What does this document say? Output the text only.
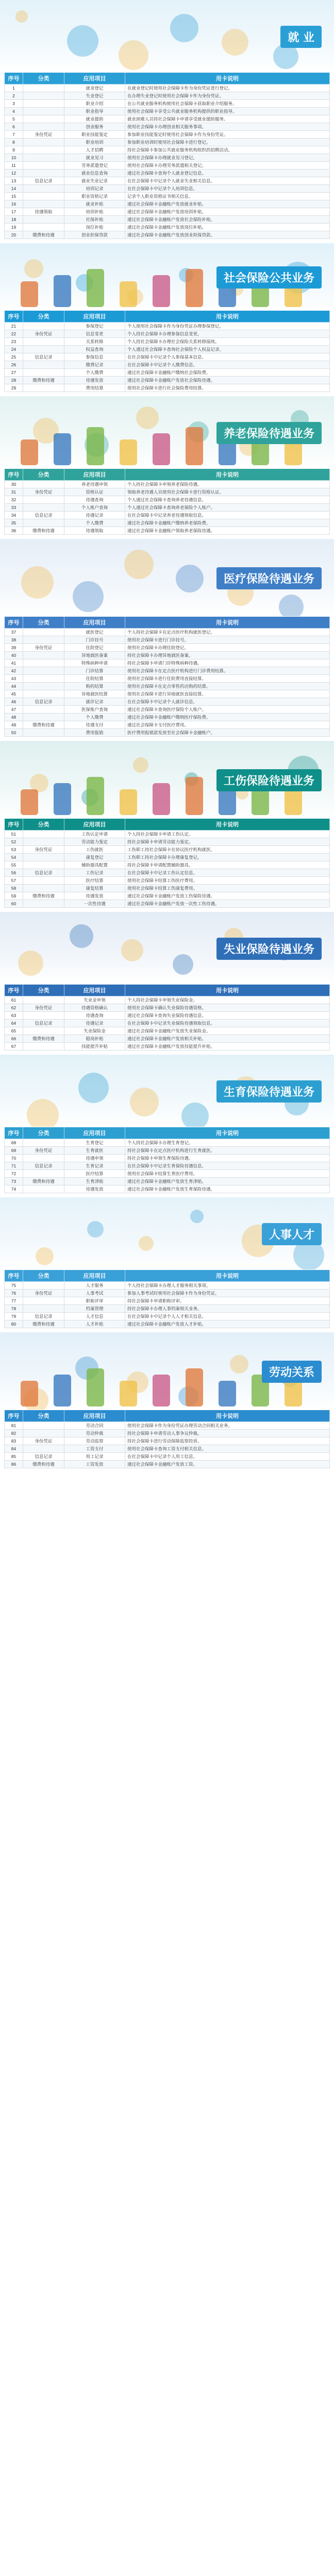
就 业
序号	分类	应用项目	用卡说明
1		就业登记	在就业登记时使用社会保障卡作为身份凭证进行登记。
2		失业登记	在办理失业登记时使用社会保障卡作为身份凭证。
3		职业介绍	在公共就业服务机构使用社会保障卡获取职业介绍服务。
4		职业指导	使用社会保障卡享受公共就业服务机构提供的职业指导。
5		就业援助	就业困难人员持社会保障卡申请享受就业援助服务。
6		创业服务	使用社会保障卡办理创业相关服务事项。
7	身份凭证	职业技能鉴定	参加职业技能鉴定时使用社会保障卡作为身份凭证。
8		职业培训	参加职业培训时使用社会保障卡进行登记。
9		人才招聘	持社会保障卡参加公共就业服务机构组织的招聘活动。
10		就业见习	使用社会保障卡办理就业见习登记。
11		劳务派遣登记	使用社会保障卡办理劳务派遣相关登记。
12		就业信息查询	通过社会保障卡查询个人就业登记信息。
13	信息记录	就业失业记录	在社会保障卡中记录个人就业失业相关信息。
14		培训记录	在社会保障卡中记录个人培训信息。
15		职业资格记录	记录个人职业资格证书相关信息。
16		就业补贴	通过社会保障卡金融账户发放就业补贴。
17	待遇领取	培训补贴	通过社会保障卡金融账户发放培训补贴。
18		社保补贴	通过社会保障卡金融账户发放社会保险补贴。
19		岗位补贴	通过社会保障卡金融账户发放岗位补贴。
20	缴费和待遇	创业担保贷款	通过社会保障卡金融账户发放创业担保贷款。
社会保险公共业务
序号	分类	应用项目	用卡说明
21		参保登记	个人使用社会保障卡作为身份凭证办理参保登记。
22	身份凭证	信息变更	个人持社会保障卡办理参保信息变更。
23		关系转移	个人持社会保障卡办理社会保险关系转移接续。
24		权益查询	个人通过社会保障卡查询社会保险个人权益记录。
25	信息记录	参保信息	在社会保障卡中记录个人参保基本信息。
26		缴费记录	在社会保障卡中记录个人缴费信息。
27		个人缴费	通过社会保障卡金融账户缴纳社会保险费。
28	缴费和待遇	待遇发放	通过社会保障卡金融账户发放社会保险待遇。
29		费用结算	使用社会保障卡进行社会保险费用结算。
养老保险待遇业务
序号	分类	应用项目	用卡说明
30		养老待遇申领	个人持社会保障卡申领养老保险待遇。
31	身份凭证	资格认证	领取养老待遇人员使用社会保障卡进行资格认证。
32		待遇查询	个人通过社会保障卡查询养老待遇信息。
33		个人账户查询	个人通过社会保障卡查询养老保险个人账户。
34	信息记录	待遇记录	在社会保障卡中记录养老待遇领取信息。
35		个人缴费	通过社会保障卡金融账户缴纳养老保险费。
36	缴费和待遇	待遇领取	通过社会保障卡金融账户领取养老保险待遇。
医疗保险待遇业务
序号	分类	应用项目	用卡说明
37		就医登记	个人持社会保障卡在定点医疗机构就医登记。
38		门诊挂号	使用社会保障卡进行门诊挂号。
39	身份凭证	住院登记	使用社会保障卡办理住院登记。
40		异地就医备案	持社会保障卡办理异地就医备案。
41		特殊病种申请	持社会保障卡申请门诊特殊病种待遇。
42		门诊结算	使用社会保障卡在定点医疗机构进行门诊费用结算。
43		住院结算	使用社会保障卡进行住院费用直接结算。
44		购药结算	使用社会保障卡在定点零售药店购药结算。
45		异地就医结算	使用社会保障卡进行异地就医直接结算。
46	信息记录	就诊记录	在社会保障卡中记录个人就诊信息。
47		医保账户查询	通过社会保障卡查询医疗保险个人账户。
48		个人缴费	通过社会保障卡金融账户缴纳医疗保险费。
49	缴费和待遇	待遇支付	通过社会保障卡支付医疗费用。
50		费用报销	医疗费用报销款发放至社会保障卡金融账户。
工伤保险待遇业务
序号	分类	应用项目	用卡说明
51		工伤认定申请	个人持社会保障卡申请工伤认定。
52		劳动能力鉴定	持社会保障卡申请劳动能力鉴定。
53	身份凭证	工伤就医	工伤职工持社会保障卡在协议医疗机构就医。
54		康复登记	工伤职工持社会保障卡办理康复登记。
55		辅助器具配置	持社会保障卡申请配置辅助器具。
56	信息记录	工伤记录	在社会保障卡中记录工伤认定信息。
57		医疗结算	使用社会保障卡结算工伤医疗费用。
58		康复结算	使用社会保障卡结算工伤康复费用。
59	缴费和待遇	待遇发放	通过社会保障卡金融账户发放工伤保险待遇。
60		一次性待遇	通过社会保障卡金融账户发放一次性工伤待遇。
失业保险待遇业务
序号	分类	应用项目	用卡说明
61		失业金申领	个人持社会保障卡申领失业保险金。
62	身份凭证	待遇资格确认	使用社会保障卡确认失业保险待遇资格。
63		待遇查询	通过社会保障卡查询失业保险待遇信息。
64	信息记录	待遇记录	在社会保障卡中记录失业保险待遇领取信息。
65		失业保险金	通过社会保障卡金融账户发放失业保险金。
66	缴费和待遇	稳岗补贴	通过社会保障卡金融账户发放相关补贴。
67		技能提升补贴	通过社会保障卡金融账户发放技能提升补贴。
生育保险待遇业务
序号	分类	应用项目	用卡说明
68		生育登记	个人持社会保障卡办理生育登记。
69	身份凭证	生育就医	持社会保障卡在定点医疗机构进行生育就医。
70		待遇申领	持社会保障卡申领生育保险待遇。
71	信息记录	生育记录	在社会保障卡中记录生育保险待遇信息。
72		医疗结算	使用社会保障卡结算生育医疗费用。
73	缴费和待遇	生育津贴	通过社会保障卡金融账户发放生育津贴。
74		待遇发放	通过社会保障卡金融账户发放生育保险待遇。
人事人才
序号	分类	应用项目	用卡说明
75		人才服务	个人持社会保障卡办理人才服务相关事项。
76	身份凭证	人事考试	参加人事考试时使用社会保障卡作为身份凭证。
77		职称评审	持社会保障卡申请职称评审。
78		档案管理	持社会保障卡办理人事档案相关业务。
79	信息记录	人才信息	在社会保障卡中记录个人人才相关信息。
80	缴费和待遇	人才补贴	通过社会保障卡金融账户发放人才补贴。
劳动关系
序号	分类	应用项目	用卡说明
81		劳动合同	使用社会保障卡作为身份凭证办理劳动合同相关业务。
82		劳动仲裁	持社会保障卡申请劳动人事争议仲裁。
83	身份凭证	劳动监察	持社会保障卡进行劳动保障监察投诉。
84		工资支付	使用社会保障卡查询工资支付相关信息。
85	信息记录	用工记录	在社会保障卡中记录个人用工信息。
86	缴费和待遇	工资发放	通过社会保障卡金融账户发放工资。
